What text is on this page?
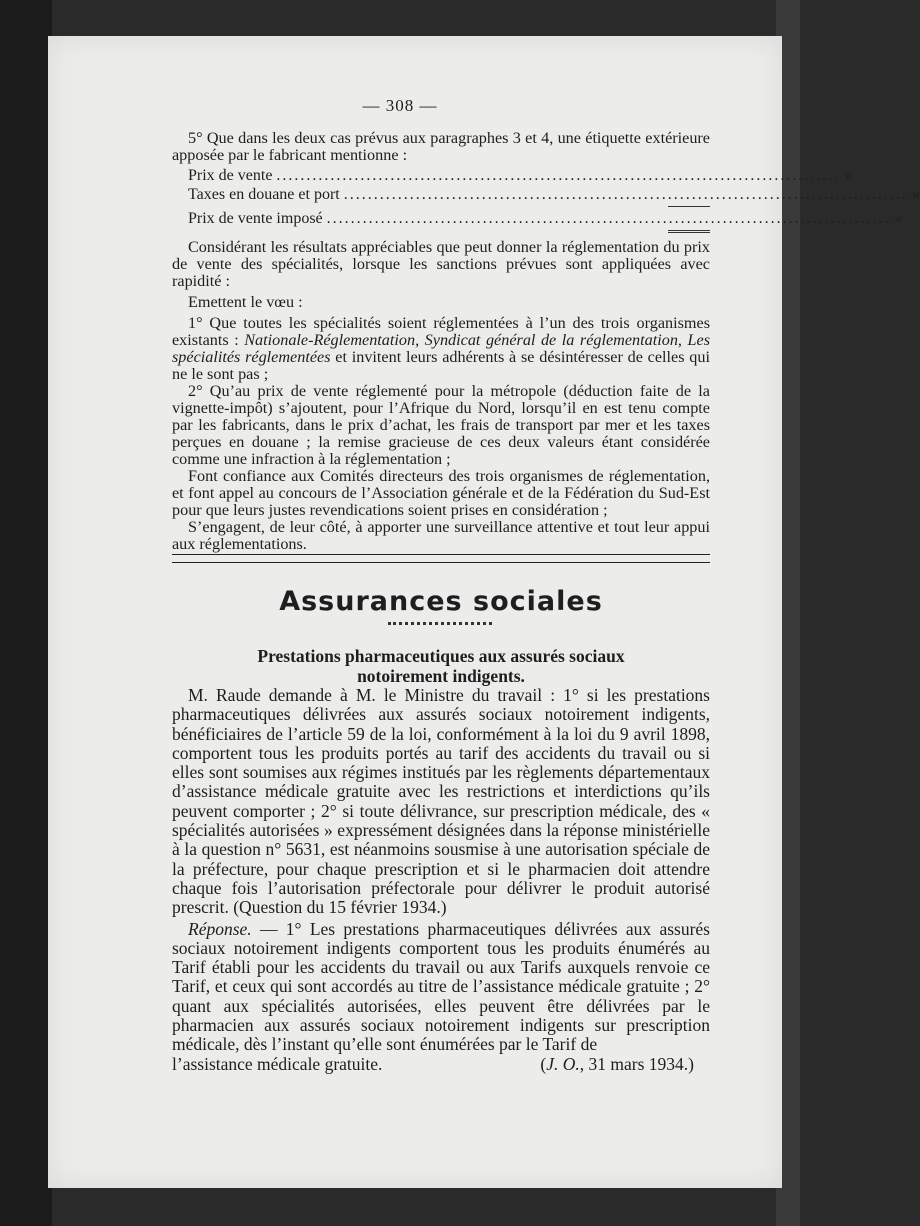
— 308 —

5° Que dans les deux cas prévus aux paragraphes 3 et 4, une étiquette extérieure apposée par le fabricant mentionne :

Prix de vente .............................................................................................. »
Taxes en douane et port .............................................................................................. »
Prix de vente imposé .............................................................................................. »

Considérant les résultats appréciables que peut donner la réglementation du prix de vente des spécialités, lorsque les sanctions prévues sont appliquées avec rapidité :

Emettent le vœu :

1° Que toutes les spécialités soient réglementées à l’un des trois organismes existants : Nationale-Réglementation, Syndicat général de la réglementation, Les spécialités réglementées et invitent leurs adhérents à se désintéresser de celles qui ne le sont pas ;

2° Qu’au prix de vente réglementé pour la métropole (déduction faite de la vignette-impôt) s’ajoutent, pour l’Afrique du Nord, lorsqu’il en est tenu compte par les fabricants, dans le prix d’achat, les frais de transport par mer et les taxes perçues en douane ; la remise gracieuse de ces deux valeurs étant considérée comme une infraction à la réglementation ;

Font confiance aux Comités directeurs des trois organismes de réglementation, et font appel au concours de l’Association générale et de la Fédération du Sud-Est pour que leurs justes revendications soient prises en considération ;

S’engagent, de leur côté, à apporter une surveillance attentive et tout leur appui aux réglementations.

Assurances sociales
Prestations pharmaceutiques aux assurés sociaux
notoirement indigents.

M. Raude demande à M. le Ministre du travail : 1° si les prestations pharmaceutiques délivrées aux assurés sociaux notoirement indigents, bénéficiaires de l’article 59 de la loi, conformément à la loi du 9 avril 1898, comportent tous les produits portés au tarif des accidents du travail ou si elles sont soumises aux régimes institués par les règlements départementaux d’assistance médicale gratuite avec les restrictions et interdictions qu’ils peuvent comporter ; 2° si toute délivrance, sur prescription médicale, des « spécialités autorisées » expressément désignées dans la réponse ministérielle à la question n° 5631, est néanmoins sousmise à une autorisation spéciale de la préfecture, pour chaque prescription et si le pharmacien doit attendre chaque fois l’autorisation préfectorale pour délivrer le produit autorisé prescrit. (Question du 15 février 1934.)

Réponse. — 1° Les prestations pharmaceutiques délivrées aux assurés sociaux notoirement indigents comportent tous les produits énumérés au Tarif établi pour les accidents du travail ou aux Tarifs auxquels renvoie ce Tarif, et ceux qui sont accordés au titre de l’assistance médicale gratuite ; 2° quant aux spécialités autorisées, elles peuvent être délivrées par le pharmacien aux assurés sociaux notoirement indigents sur prescription médicale, dès l’instant qu’elle sont énumérées par le Tarif de

l’assistance médicale gratuite.	(J. O., 31 mars 1934.)
